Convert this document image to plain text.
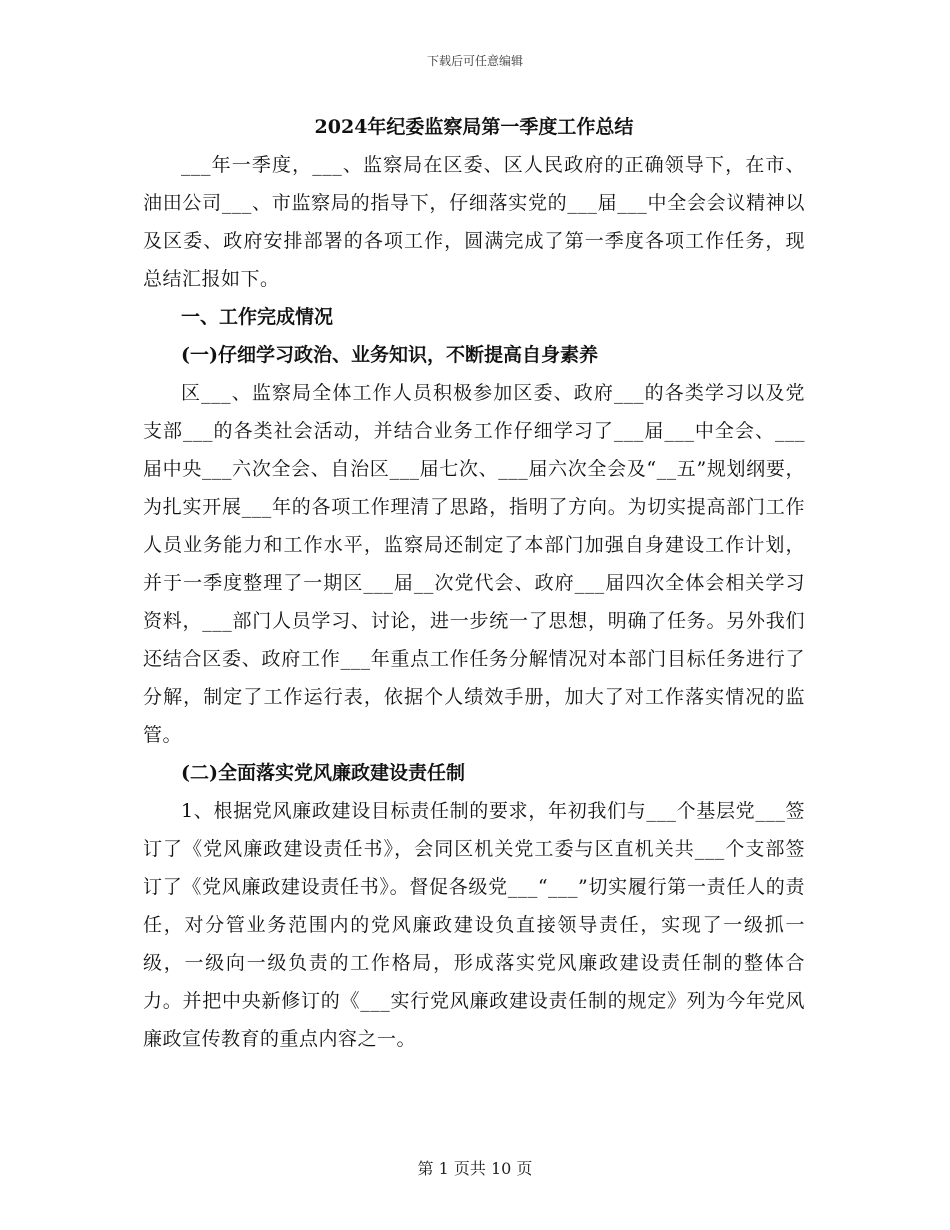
下载后可任意编辑

2024年纪委监察局第一季度工作总结

___年一季度，___、监察局在区委、区人民政府的正确领导下，在市、油田公司___、市监察局的指导下，仔细落实党的___届___中全会会议精神以及区委、政府安排部署的各项工作，圆满完成了第一季度各项工作任务，现总结汇报如下。

一、工作完成情况

(一)仔细学习政治、业务知识，不断提高自身素养

区___、监察局全体工作人员积极参加区委、政府___的各类学习以及党支部___的各类社会活动，并结合业务工作仔细学习了___届___中全会、___届中央___六次全会、自治区___届七次、___届六次全会及“__五”规划纲要，为扎实开展___年的各项工作理清了思路，指明了方向。为切实提高部门工作人员业务能力和工作水平，监察局还制定了本部门加强自身建设工作计划，并于一季度整理了一期区___届__次党代会、政府___届四次全体会相关学习资料，___部门人员学习、讨论，进一步统一了思想，明确了任务。另外我们还结合区委、政府工作___年重点工作任务分解情况对本部门目标任务进行了分解，制定了工作运行表，依据个人绩效手册，加大了对工作落实情况的监管。

(二)全面落实党风廉政建设责任制

1、根据党风廉政建设目标责任制的要求，年初我们与___个基层党___签订了《党风廉政建设责任书》，会同区机关党工委与区直机关共___个支部签订了《党风廉政建设责任书》。督促各级党___“___”切实履行第一责任人的责任，对分管业务范围内的党风廉政建设负直接领导责任，实现了一级抓一级，一级向一级负责的工作格局，形成落实党风廉政建设责任制的整体合力。并把中央新修订的《___实行党风廉政建设责任制的规定》列为今年党风廉政宣传教育的重点内容之一。

第 1 页共 10 页
